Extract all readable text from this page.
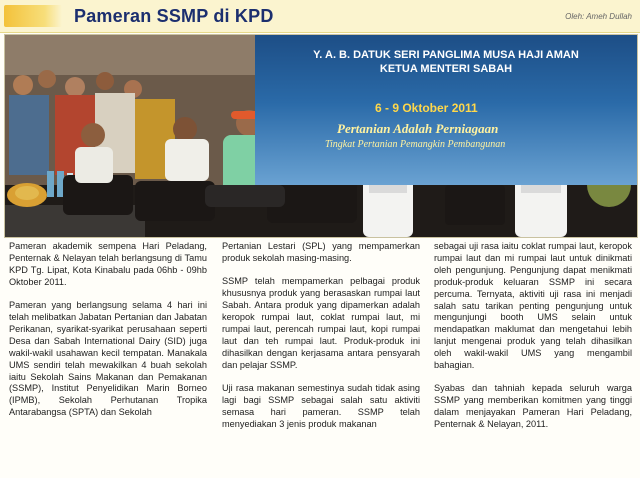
Pameran SSMP di KPD	Oleh: Ameh Dullah
Y. A. B. DATUK SERI PANGLIMA MUSA HAJI AMAN
KETUA MENTERI SABAH
6 - 9 Oktober 2011
Pertanian Adalah Perniagaan
Tingkat Pertanian Pemangkin Pembangunan

Pameran akademik sempena Hari Peladang, Penternak & Nelayan telah berlangsung di Tamu KPD Tg. Lipat, Kota Kinabalu pada 06hb - 09hb Oktober 2011.

Pameran yang berlangsung selama 4 hari ini telah melibatkan Jabatan Pertanian dan Jabatan Perikanan, syarikat-syarikat perusahaan seperti Desa dan Sabah International Dairy (SID) juga wakil-wakil usahawan kecil tempatan. Manakala UMS sendiri telah mewakilkan 4 buah sekolah iaitu Sekolah Sains Makanan dan Pemakanan (SSMP), Institut Penyelidikan Marin Borneo (IPMB), Sekolah Perhutanan Tropika Antarabangsa (SPTA) dan Sekolah

Pertanian Lestari (SPL) yang mempamerkan produk sekolah masing-masing.

SSMP telah mempamerkan pelbagai produk khususnya produk yang berasaskan rumpai laut Sabah. Antara produk yang dipamerkan adalah keropok rumpai laut, coklat rumpai laut, mi rumpai laut, perencah rumpai laut, kopi rumpai laut dan teh rumpai laut. Produk-produk ini dihasilkan dengan kerjasama antara pensyarah dan pelajar SSMP.

Uji rasa makanan semestinya sudah tidak asing lagi bagi SSMP sebagai salah satu aktiviti semasa hari pameran. SSMP telah menyediakan 3 jenis produk makanan

sebagai uji rasa iaitu coklat rumpai laut, keropok rumpai laut dan mi rumpai laut untuk dinikmati oleh pengunjung. Pengunjung dapat menikmati produk-produk keluaran SSMP ini secara percuma. Ternyata, aktiviti uji rasa ini menjadi salah satu tarikan penting pengunjung untuk mengunjungi booth UMS selain untuk mendapatkan maklumat dan mengetahui lebih lanjut mengenai produk yang telah dihasilkan oleh wakil-wakil UMS yang mengambil bahagian.

Syabas dan tahniah kepada seluruh warga SSMP yang memberikan komitmen yang tinggi dalam menjayakan Pameran Hari Peladang, Penternak & Nelayan, 2011.
